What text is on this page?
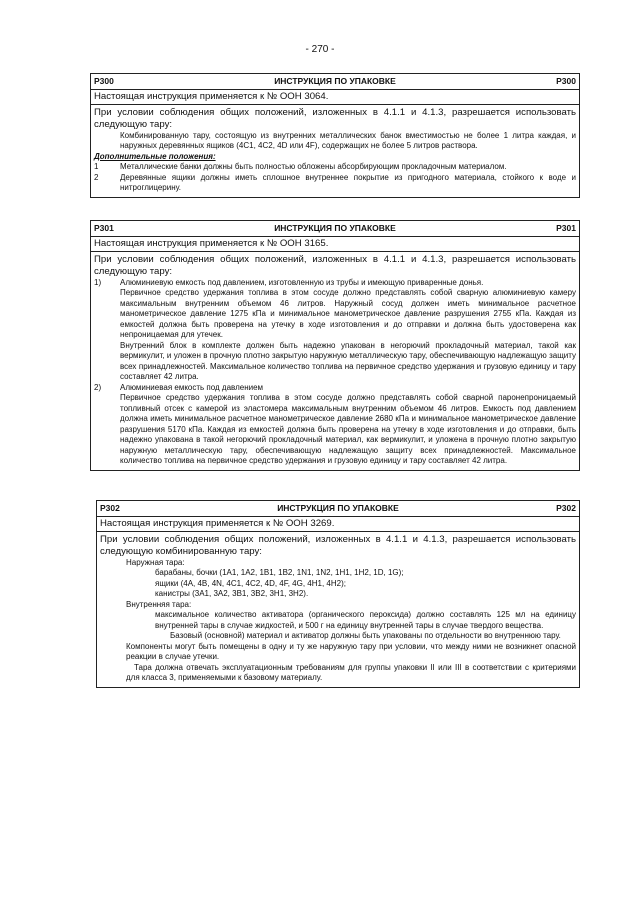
- 270 -
Р300	ИНСТРУКЦИЯ ПО УПАКОВКЕ	Р300
Настоящая инструкция применяется к № ООН 3064.

При условии соблюдения общих положений, изложенных в 4.1.1 и 4.1.3, разрешается использовать следующую тару:

Комбинированную тару, состоящую из внутренних металлических банок вместимостью не более 1 литра каждая, и наружных деревянных ящиков (4С1, 4С2, 4D или 4F), содержащих не более 5 литров раствора.

Дополнительные положения:

1	Металлические банки должны быть полностью обложены абсорбирующим прокладочным материалом.
2	Деревянные ящики должны иметь сплошное внутреннее покрытие из пригодного материала, стойкого к воде и нитроглицерину.
Р301	ИНСТРУКЦИЯ ПО УПАКОВКЕ	Р301
Настоящая инструкция применяется к № ООН 3165.

При условии соблюдения общих положений, изложенных в 4.1.1 и 4.1.3, разрешается использовать следующую тару:

1)	Алюминиевую емкость под давлением, изготовленную из трубы и имеющую приваренные донья.

Первичное средство удержания топлива в этом сосуде должно представлять собой сварную алюминиевую камеру максимальным внутренним объемом 46 литров. Наружный сосуд должен иметь минимальное расчетное манометрическое давление 1275 кПа и минимальное манометрическое давление разрушения 2755 кПа. Каждая из емкостей должна быть проверена на утечку в ходе изготовления и до отправки и должна быть удостоверена как непроницаемая для утечек.

Внутренний блок в комплекте должен быть надежно упакован в негорючий прокладочный материал, такой как вермикулит, и уложен в прочную плотно закрытую наружную металлическую тару, обеспечивающую надлежащую защиту всех принадлежностей. Максимальное количество топлива на первичное средство удержания и грузовую единицу и тару составляет 42 литра.

2)	Алюминиевая емкость под давлением

Первичное средство удержания топлива в этом сосуде должно представлять собой сварной паронепроницаемый топливный отсек с камерой из эластомера максимальным внутренним объемом 46 литров. Емкость под давлением должна иметь минимальное расчетное манометрическое давление 2680 кПа и минимальное манометрическое давление разрушения 5170 кПа. Каждая из емкостей должна быть проверена на утечку в ходе изготовления и до отправки, быть надежно упакована в такой негорючий прокладочный материал, как вермикулит, и уложена в прочную плотно закрытую наружную металлическую тару, обеспечивающую надлежащую защиту всех принадлежностей. Максимальное количество топлива на первичное средство удержания и грузовую единицу и тару составляет 42 литра.

Р302	ИНСТРУКЦИЯ ПО УПАКОВКЕ	Р302
Настоящая инструкция применяется к № ООН 3269.

При условии соблюдения общих положений, изложенных в 4.1.1 и 4.1.3, разрешается использовать следующую комбинированную тару:

Наружная тара:

барабаны, бочки (1А1, 1А2, 1В1, 1В2, 1N1, 1N2, 1Н1, 1Н2, 1D, 1G);

ящики (4А, 4В, 4N, 4С1, 4С2, 4D, 4F, 4G, 4Н1, 4Н2);

канистры (3А1, 3А2, 3В1, 3В2, 3Н1, 3Н2).

Внутренняя тара:

максимальное количество активатора (органического пероксида) должно составлять 125 мл на единицу внутренней тары в случае жидкостей, и 500 г на единицу внутренней тары в случае твердого вещества.

Базовый (основной) материал и активатор должны быть упакованы по отдельности во внутреннюю тару.

Компоненты могут быть помещены в одну и ту же наружную тару при условии, что между ними не возникнет опасной реакции в случае утечки.

Тара должна отвечать эксплуатационным требованиям для группы упаковки II или III в соответствии с критериями для класса 3, применяемыми к базовому материалу.
